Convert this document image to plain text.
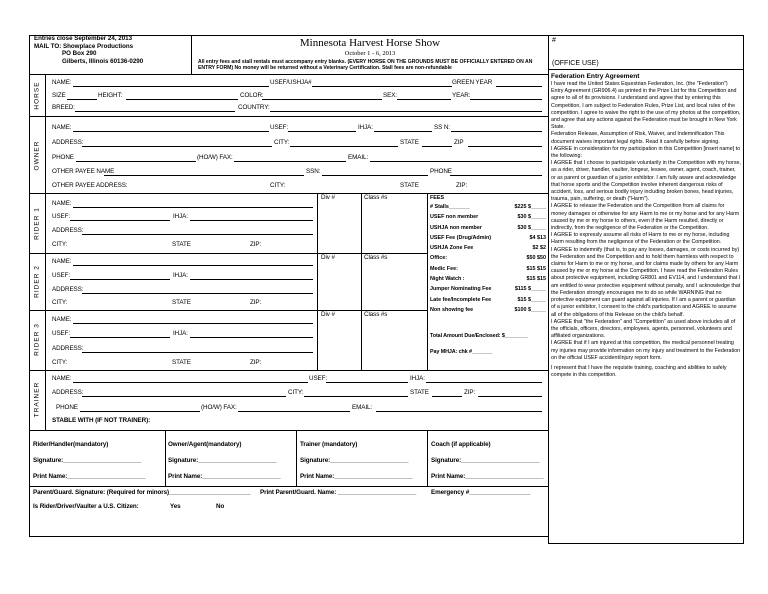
Entries close September 24, 2013
MAIL TO: Showplace Productions
PO Box 290
Gilberts, Illinois 60136-0290
Minnesota Harvest Horse Show
October 1 - 6, 2013
All entry fees and stall rentals must accompany entry blanks. (EVERY HORSE ON THE GROUNDS MUST BE OFFICIALLY ENTERED ON AN ENTRY FORM) No money will be returned without a Veterinary Certification. Stall fees are non-refundable
#
(OFFICE USE)
HORSE NAME:	USEF/USHJA#	GREEN YEAR
SIZE	HEIGHT:	COLOR:	SEX:	YEAR:
BREED:	COUNTRY:
OWNER
NAME:	USEF:	IHJA:	SS N:
ADDRESS:	CITY:	STATE	ZIP
PHONE	(HO/W) FAX:	EMAIL:
OTHER PAYEE NAME	SSN:	PHONE
OTHER PAYEE ADDRESS:	CITY:	STATE	ZIP:
RIDER 1
NAME:
USEF:	IHJA:
ADDRESS:
CITY:	STATE	ZIP:
Div #	Class #s
RIDER 2
NAME:
USEF:	IHJA:
ADDRESS:
CITY:	STATE	ZIP:
Div #	Class #s
RIDER 3
NAME:
USEF:	IHJA:
ADDRESS:
CITY:	STATE	ZIP:
Div #	Class #s
FEES
# Stalls_______	$225 $_____
USEF non member	$30 $_____
USHJA non member	$30 $_____
USEF Fee (Drug/Admin)	$4 $13
USHJA Zone Fee	$2 $2
Office:	$50 $50
Medic Fee:	$15 $15
Night Watch :	$15 $15
Jumper Nominating Fee	$115 $_____
Late fee/Incomplete Fee	$15 $_____
Non showing fee	$100 $_____
Total Amount Due/Enclosed: $________
Pay MHJA: chk #_______
TRAINER
NAME:	USEF:	IHJA:
ADDRESS:	CITY:	STATE	ZIP:
PHONE	(HO/W) FAX:	EMAIL:
STABLE WITH (IF NOT TRAINER):
Rider/Handler(mandatory)
Signature:_______________________
Print Name:_______________________
Owner/Agent(mandatory)
Signature:_______________________
Print Name:_______________________
Trainer (mandatory)
Signature:_______________________
Print Name:_______________________
Coach (if applicable)
Signature:_______________________
Print Name:_______________________
Parent/Guard. Signature: (Required for minors)________________________ Print Parent/Guard. Name: _______________________ Emergency #__________________
Is Rider/Driver/Vaulter a U.S. Citizen:	Yes	No
Federation Entry Agreement

I have read the United States Equestrian Federation, Inc. (the "Federation") Entry Agreement (GR906.4) as printed in the Prize List for this Competition and agree to all of its provisions. I understand and agree that by entering this Competition, I am subject to Federation Rules, Prize List, and local rules of the competition. I agree to waive the right to the use of my photos at the competition, and agree that any actions against the Federation must be brought in New York State.

Federation Release, Assumption of Risk, Waiver, and Indemnification This document waives important legal rights. Read it carefully before signing.

I AGREE in consideration for my participation in this Competition [insert name] to the following:

I AGREE that I choose to participate voluntarily in the Competition with my horse, as a rider, driver, handler, vaulter, longeur, lessee, owner, agent, coach, trainer, or as parent or guardian of a junior exhibitor. I am fully aware and acknowledge that horse sports and the Competition involve inherent dangerous risks of accident, loss, and serious bodily injury including broken bones, head injuries, trauma, pain, suffering, or death ("Harm").

I AGREE to release the Federation and the Competition from all claims for money damages or otherwise for any Harm to me or my horse and for any Harm caused by me or my horse to others, even if the Harm resulted, directly or indirectly, from the negligence of the Federation or the Competition.

I AGREE to expressly assume all risks of Harm to me or my horse, including Harm resulting from the negligence of the Federation or the Competition.

I AGREE to indemnify (that is, to pay any losses, damages, or costs incurred by) the Federation and the Competition and to hold them harmless with respect to claims for Harm to me or my horse, and for claims made by others for any Harm caused by me or my horse at the Competition. I have read the Federation Rules about protective equipment, including GR801 and EV114, and I understand that I am entitled to wear protective equipment without penalty, and I acknowledge that the Federation strongly encourages me to do so while WARNING that no protective equipment can guard against all injuries. If I am a parent or guardian of a junior exhibitor, I consent to the child's participation and AGREE to assume all of the obligations of this Release on the child's behalf.

I AGREE that "the Federation" and "Competition" as used above includes all of the officials, officers, directors, employees, agents, personnel, volunteers and affiliated organizations.

I AGREE that if I am injured at this competition, the medical personnel treating my injuries may provide information on my injury and treatment to the Federation on the official USEF accident/injury report form.

I represent that I have the requisite training, coaching and abilities to safely compete in this competition.
